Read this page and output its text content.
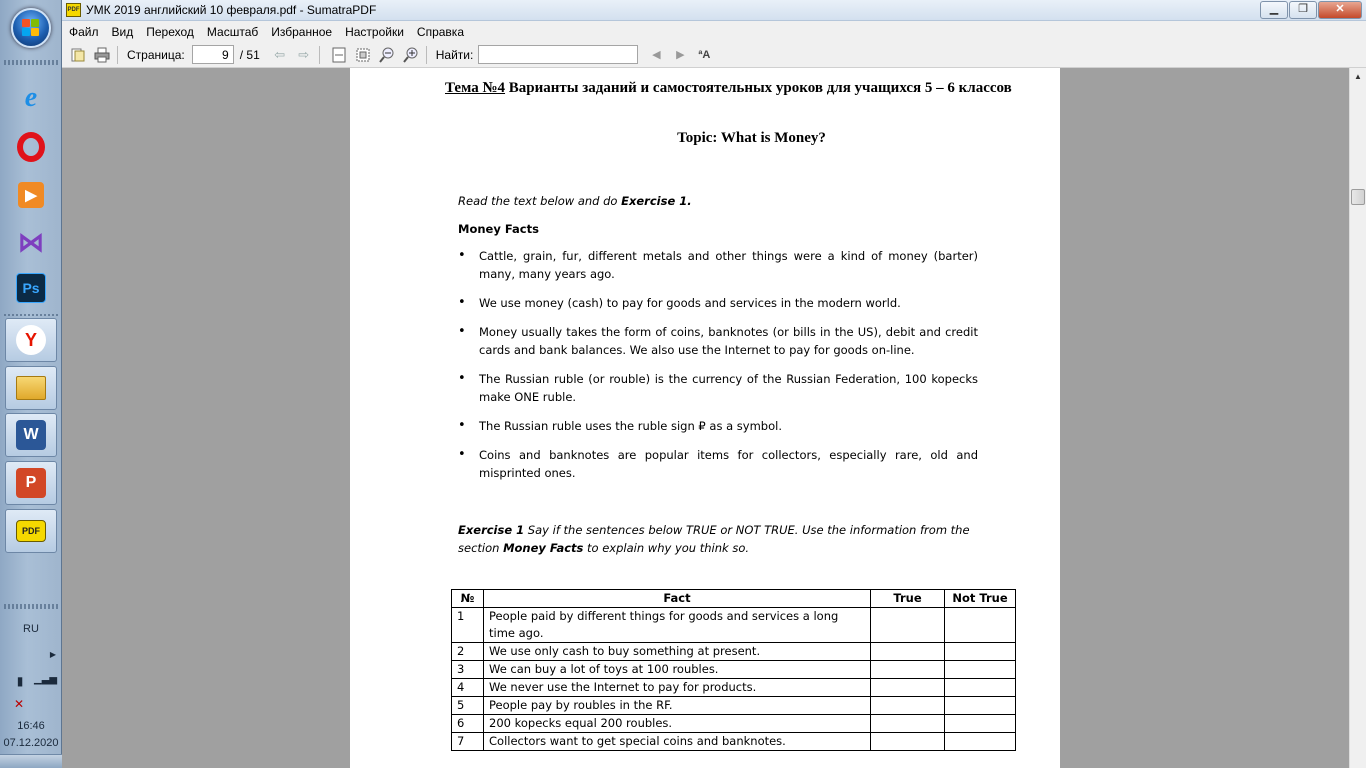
e
▶
⋈
Ps
Y
W
P
PDF
RU
▶
▮	▁▃▅
✕
16:46
07.12.2020
PDF УМК 2019 английский 10 февраля.pdf - SumatraPDF	▁	❐	✕
Файл Вид Переход Масштаб Избранное Настройки Справка
Страница:
9	/ 51	⇦	⇨	Найти:	◀	▶	ªA
Тема №4 Варианты заданий и самостоятельных уроков для учащихся 5 – 6 классов
Topic: What is Money?
Read the text below and do Exercise 1.
Money Facts
• Cattle, grain, fur, different metals and other things were a kind of money (barter) many, many years ago.
• We use money (cash) to pay for goods and services in the modern world.
• Money usually takes the form of coins, banknotes (or bills in the US), debit and credit cards and bank balances. We also use the Internet to pay for goods on-line.
• The Russian ruble (or rouble) is the currency of the Russian Federation, 100 kopecks make ONE ruble.
• The Russian ruble uses the ruble sign ₽ as a symbol.
• Coins and banknotes are popular items for collectors, especially rare, old and misprinted ones.
Exercise 1 Say if the sentences below TRUE or NOT TRUE. Use the information from the section Money Facts to explain why you think so.
№	Fact	True	Not True
1	People paid by different things for goods and services a long time ago.		
2	We use only cash to buy something at present.		
3	We can buy a lot of toys at 100 roubles.		
4	We never use the Internet to pay for products.		
5	People pay by roubles in the RF.		
6	200 kopecks equal 200 roubles.		
7	Collectors want to get special coins and banknotes.		
▲
